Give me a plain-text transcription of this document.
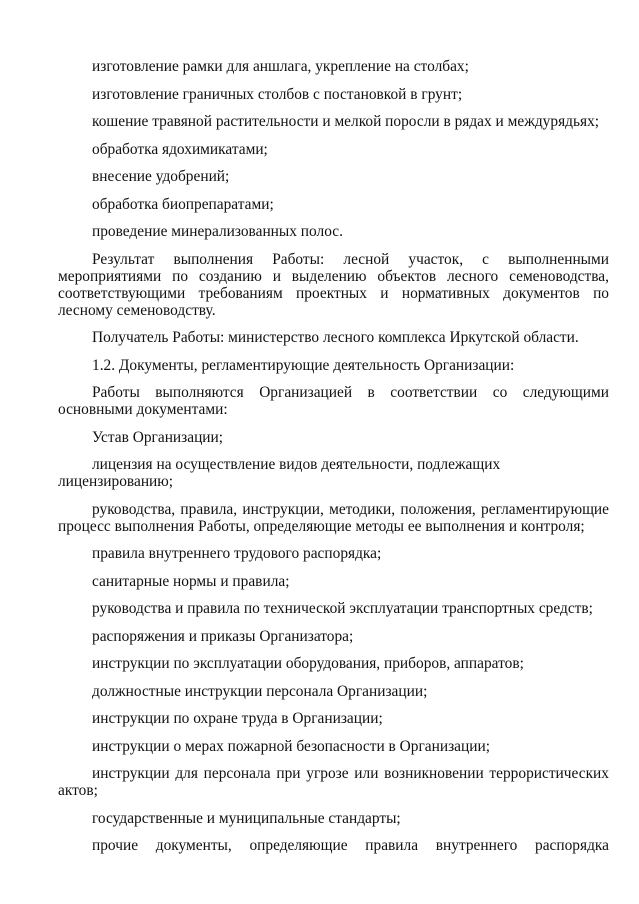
изготовление рамки для аншлага, укрепление на столбах;

изготовление граничных столбов с постановкой в грунт;

кошение травяной растительности и мелкой поросли в рядах и междурядьях;

обработка ядохимикатами;

внесение удобрений;

обработка биопрепаратами;

проведение минерализованных полос.

Результат выполнения Работы: лесной участок, с выполненными мероприятиями по созданию и выделению объектов лесного семеноводства, соответствующими требованиям проектных и нормативных документов по лесному семеноводству.

Получатель Работы: министерство лесного комплекса Иркутской области.

1.2. Документы, регламентирующие деятельность Организации:

Работы выполняются Организацией в соответствии со следующими основными документами:

Устав Организации;

лицензия на осуществление видов деятельности, подлежащих лицензированию;

руководства, правила, инструкции, методики, положения, регламентирующие процесс выполнения Работы, определяющие методы ее выполнения и контроля;

правила внутреннего трудового распорядка;

санитарные нормы и правила;

руководства и правила по технической эксплуатации транспортных средств;

распоряжения и приказы Организатора;

инструкции по эксплуатации оборудования, приборов, аппаратов;

должностные инструкции персонала Организации;

инструкции по охране труда в Организации;

инструкции о мерах пожарной безопасности в Организации;

инструкции для персонала при угрозе или возникновении террористических актов;

государственные и муниципальные стандарты;

прочие документы, определяющие правила внутреннего распорядка
